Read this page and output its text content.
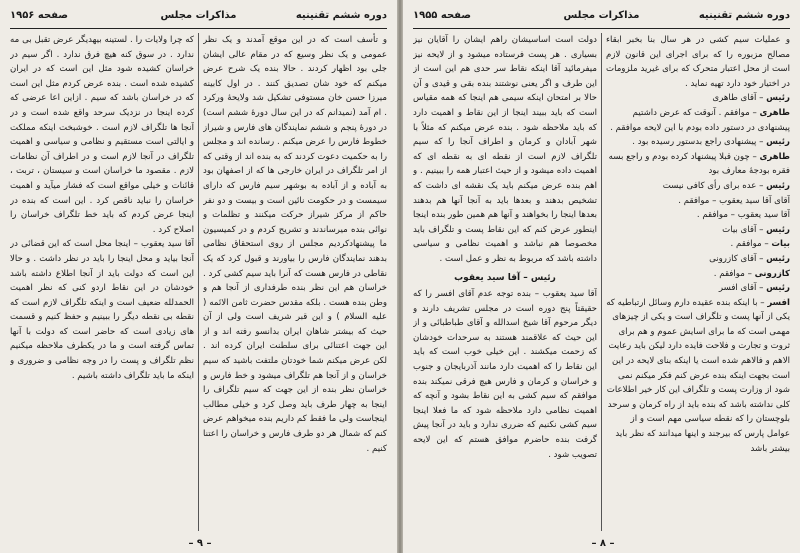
دوره ششم تقنینیه
مذاکرات مجلس
صفحه ۱۹۵۶

و تأسف است که در این موقع آمدند و یک نظر عمومی و یک نظر وسیع که در مقام عالی ایشان جلی بود اظهار کردند . حالا بنده یک شرح عرض میکنم که خود شان تصدیق کنند . در اول کابینه میرزا حسن خان مستوفی تشکیل شد ولایحهٔ ورکرد . ام آمد (نمیدانم که در این سال دورهٔ ششم است) در دورهٔ پنجم و ششم نمایندگان های فارس و شیراز خطوط فارس را عرض میکنم . رسانده اند و مجلس را به حکمیت دعوت کردند که به بنده اند از وقتی که از امر تلگراف در ایران خارجی ها که از اصفهان بود به آباده و از آباده به بوشهر سیم فارس که دارای سیمست و در حکومت نائین است و بیست و دو نفر حاکم از مرکز شیراز حرکت میکنند و تظلمات و نوائی بنده میرساندند و تشریح کردم و در کمیسیون ما پیشنهادکردیم مجلس از روی استحقاق نظامی بدهند نمایندگان فارس را بیاورند و قبول کرد که یک نقاطی در فارس هست که آنرا باید سیم کشی کرد . خراسان هم این نظر بنده طرفداری از آنجا هم و وطن بنده هست . بلکه مقدس حضرت ثامن الائمه ( علیه السلام ) و این قبر شریف است ولی از آن حیث که بیشتر شاهان ایران بدانسو رفته اند و از این جهت اعتنائی برای سلطنت ایران کرده اند . لکن عرض میکنم شما خودتان ملتفت باشید که سیم خراسان و از آنجا هم تلگراف میشود و خط فارس و خراسان نظر بنده از این جهت که سیم تلگراف را اینجا به چهار طرف باید وصل کرد و خیلی مطالب اینجاست ولی ما فقط کم داریم بنده میخواهم عرض کنم که شمال هر دو طرف فارس و خراسان را اعتنا کنیم .

که چرا ولایات را . لستینه بیهدیگر عرض تقبل بی مه ندارد . در سوق کنه هیچ فرق ندارد . اگر سیم در خراسان کشیده شود مثل این است که در ایران کشیده شده است . بنده عرض کردم مثل این است که در خراسان باشد که سیم . ازاین اعا عرضی که کرده اینجا در نزدیک سرحد واقع شده است و در آنجا ها تلگراف لازم است . خوشبخت اینکه مملکت و ایالتی است مستقیم و نظامی و سیاسی و اهمیت تلگراف در آنجا لازم است و در اطراف آن نظامات لازم . مقصود ما خراسان است و سیستان ، تربت ، قائنات و خیلی مواقع است که فشار میآید و اهمیت خراسان را نباید ناقص کرد . این است که بنده در اینجا عرض کردم که باید خط تلگراف خراسان را اصلاح کرد .

آقا سید یعقوب – اینجا محل است که این قضائی در آنجا بیاید و محل اینجا را باید در نظر داشت . و حالا این است که دولت باید از آنجا اطلاع داشته باشد خودشان در این نقاط اردو کنی که نظر اهمیت الحمدلله ضعیف است و اینکه تلگراف لازم است که نقطه بی نقطه دیگر را ببینیم و حفظ کنیم و قسمت های زیادی است که حاضر است که دولت با آنها تماس گرفته است و ما در یکطرف ملاحظه میکنیم نظم تلگراف و پست را در وجه نظامی و ضروری و اینکه ما باید تلگراف داشته باشیم .

– ۹ –
دوره ششم تقنینیه
مذاکرات مجلس
صفحه ۱۹۵۵

و عملیات سیم کشی در هر سال بنا بخبر ابقاء مصالح مزبوره را که برای اجرای این قانون لازم است از محل اعتبار متحرک که برای غیرید ملزومات در اختیار خود دارد تهیه نماید .

رئیس – آقای طاهری
طاهری – موافقم . آنوقت که عرض داشتیم پیشنهادی در دستور داده بودم با این لایحه موافقم .
رئیس – پیشنهادی راجع بدستور رسیده بود .
طاهری – چون قبلا پیشنهاد کرده بودم و راجع بسه فقره بودجهٔ معارف بود
رئیس – عده برای رأی کافی نیست
آقای آقا سید یعقوب – موافقم .
آقا سید یعقوب – موافقم .
رئیس – آقای بیات
بیات – موافقم .
رئیس – آقای کازرونی
کازرونی – موافقم .
رئیس – آقای افسر
افسر – با اینکه بنده عقیده دارم وسائل ارتباطیه که یکی از آنها پست و تلگراف است و یکی از چیزهای مهمی است که ما برای اسایش عموم و هم برای ثروت و تجارت و فلاحت فایده دارد لیکن باید رعایت الاهم و فالاهم شده است یا اینکه بنای لایحه در این است بجهت اینکه بنده عرض کنم فکر میکنم نمی شود از وزارت پست و تلگراف این کار خیر اطلاعات کلی نداشته باشد که بنده باید از راه کرمان و سرحد بلوچستان را که نقطه سیاسی مهم است و از عوامل پارس که بیرجند و اینها میدانند که نظر باید بیشتر باشد

دولت است اساسیشان راهم ایشان را آقایان نیز بسیاری . هر پست فرستاده میشود و از لایحه نیز میفرمائید آقا اینکه نقاط سر حدی هم این است از این طرف و اگر یعنی نوشتند بنده بقی و قیدی و آن حالا بر امتحان اینکه سیمی هم اینجا که همه مقیاس است که باید ببیند اینجا از این نقاط و اهمیت دارد که باید ملاحظه شود . بنده عرض میکنم که مثلاً با شهر آبادان و کرمان و اطراف آنجا را که سیم تلگراف لازم است از نقطه ای به نقطه ای که اهمیت داده میشود و از حیث اعتبار همه را ببینیم . و اهم بنده عرض میکنم باید یک نقشه ای داشت که تشخیص بدهند و بعدها باید به آنجا آنها هم بدهند بعدها اینجا را بخواهند و آنها هم همین طور بنده اینجا اینطور عرض کنم که این نقاط پست و تلگراف باید مخصوصا هم نباشد و اهمیت نظامی و سیاسی داشته باشد که مربوط به نظر و عمل است .

رئیس – آقا سید یعقوب

آقا سید یعقوب – بنده توجه عدم آقای افسر را که حقیقتاً پنج دوره است در مجلس تشریف دارند و دیگر مرحوم آقا شیخ اسدالله و آقای طباطبائی و از این حیث که علاقمند هستند به سرحدات خودشان که زحمت میکشند . این خیلی خوب است که باید این نقاط را که اهمیت دارد مانند آذربایجان و جنوب و خراسان و کرمان و فارس هیچ فرقی نمیکند بنده موافقم که سیم کشی به این نقاط بشود و آنچه که اهمیت نظامی دارد ملاحظه شود که ما فعلا اینجا سیم کشی نکنیم که ضرری ندارد و باید در آنجا پیش گرفت بنده حاضرم موافق هستم که این لایحه تصویب شود .

– ۸ –
